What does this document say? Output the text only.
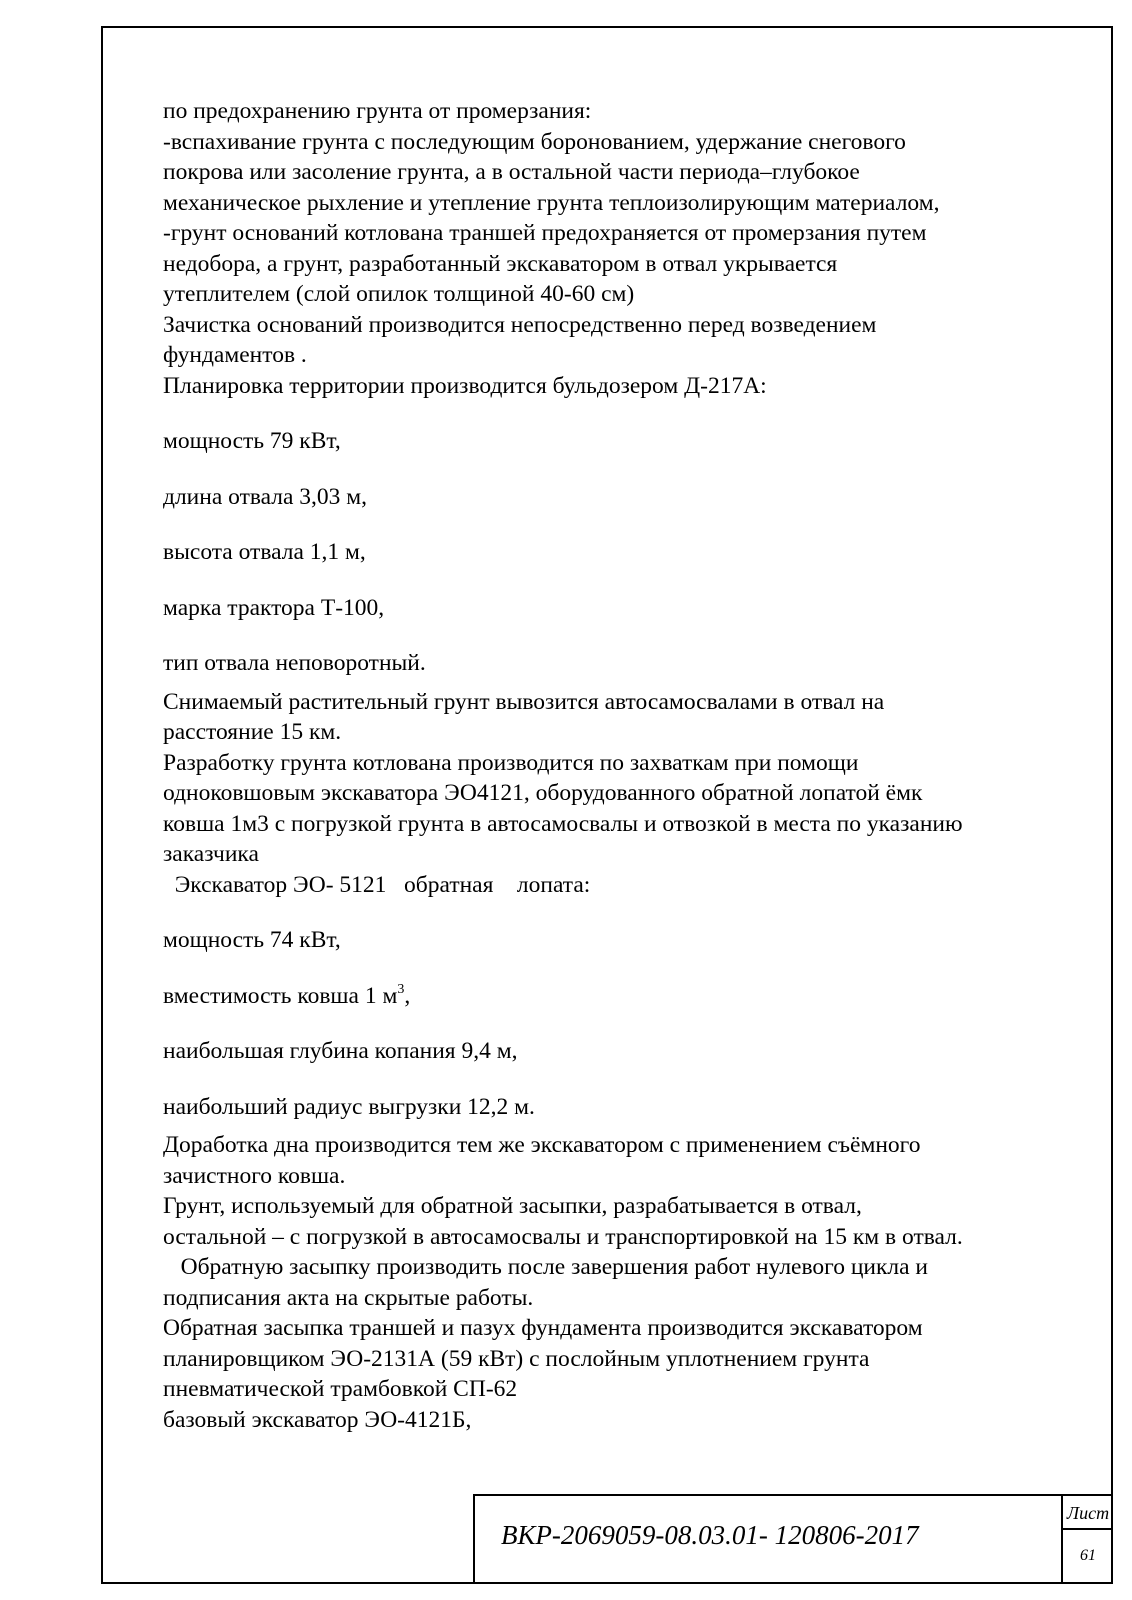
по предохранению грунта от промерзания:
-вспахивание грунта с последующим боронованием, удержание снегового
покрова или засоление грунта, а в остальной части периода–глубокое
механическое рыхление и утепление грунта теплоизолирующим материалом,
-грунт оснований котлована траншей предохраняется от промерзания путем
недобора, а грунт, разработанный экскаватором в отвал укрывается
утеплителем (слой опилок толщиной 40-60 см)
Зачистка оснований производится непосредственно перед возведением
фундаментов .
Планировка территории производится бульдозером Д-217А:
мощность 79 кВт,
длина отвала 3,03 м,
высота отвала 1,1 м,
марка трактора Т-100,
тип отвала неповоротный.
Снимаемый растительный грунт вывозится автосамосвалами в отвал на
расстояние 15 км.
Разработку грунта котлована производится по захваткам при помощи
одноковшовым экскаватора ЭО4121, оборудованного обратной лопатой ёмк
ковша 1м3 с погрузкой грунта в автосамосвалы и отвозкой в места по указанию
заказчика
Экскаватор ЭО- 5121   обратная    лопата:
мощность 74 кВт,
вместимость ковша 1 $м^3$,
наибольшая глубина копания 9,4 м,
наибольший радиус выгрузки 12,2 м.
Доработка дна производится тем же экскаватором с применением съёмного
зачистного ковша.
Грунт, используемый для обратной засыпки, разрабатывается в отвал,
остальной – с погрузкой в автосамосвалы и транспортировкой на 15 км в отвал.
Обратную засыпку производить после завершения работ нулевого цикла и
подписания акта на скрытые работы.
Обратная засыпка траншей и пазух фундамента производится экскаватором
планировщиком ЭО-2131А (59 кВт) с послойным уплотнением грунта
пневматической трамбовкой СП-62
базовый экскаватор ЭО-4121Б,
ВКР-2069059-08.03.01- 120806-2017
Лист
61
